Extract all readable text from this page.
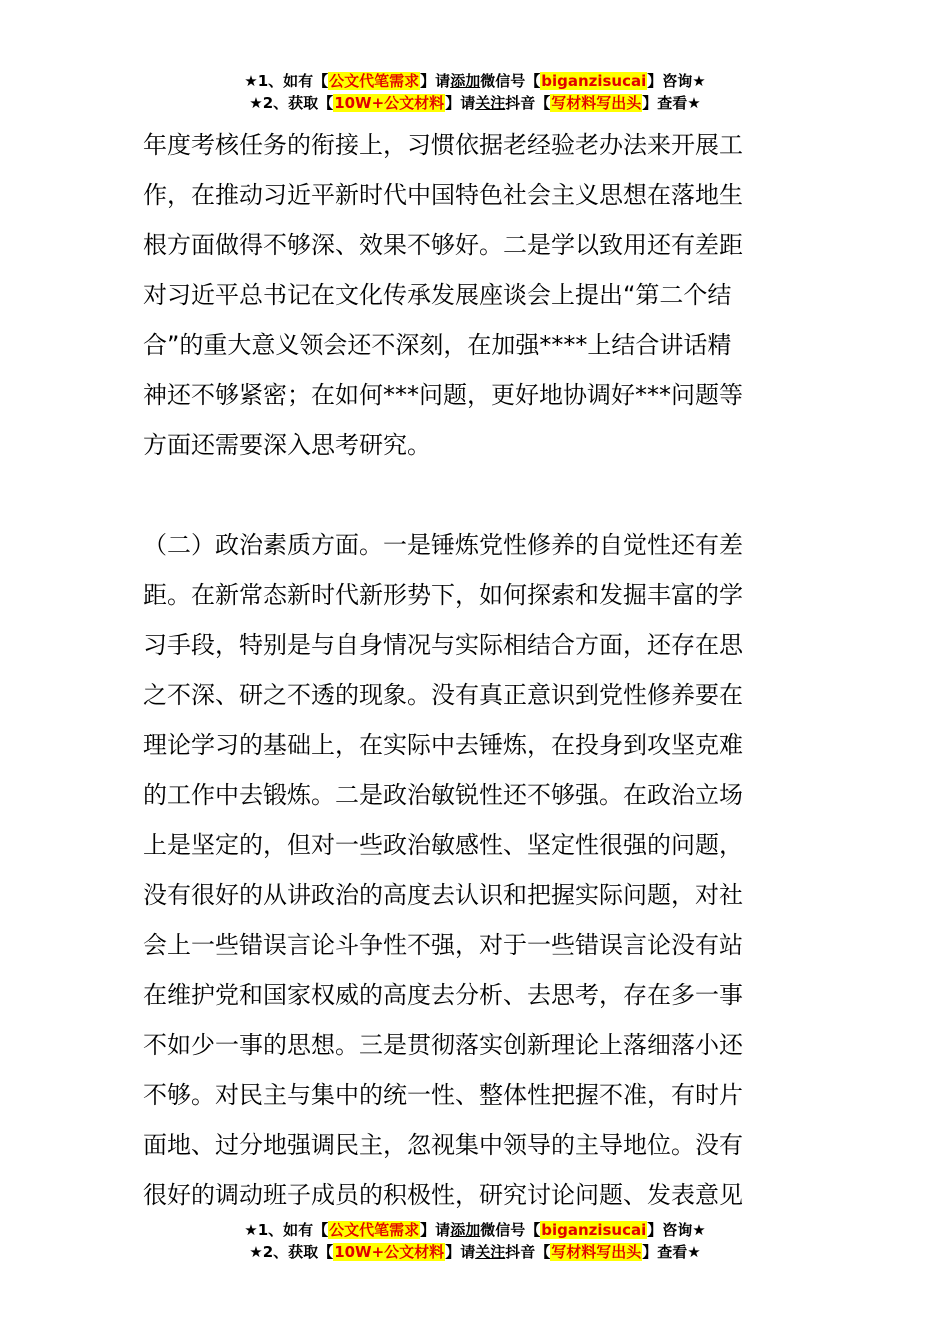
★1、如有【公文代笔需求】请添加微信号【biganzisucai】咨询★
★2、获取【10W+公文材料】请关注抖音【写材料写出头】查看★
年度考核任务的衔接上，习惯依据老经验老办法来开展工
作，在推动习近平新时代中国特色社会主义思想在落地生
根方面做得不够深、效果不够好。二是学以致用还有差距
对习近平总书记在文化传承发展座谈会上提出“第二个结
合”的重大意义领会还不深刻，在加强****上结合讲话精
神还不够紧密；在如何***问题，更好地协调好***问题等
方面还需要深入思考研究。
（二）政治素质方面。一是锤炼党性修养的自觉性还有差
距。在新常态新时代新形势下，如何探索和发掘丰富的学
习手段，特别是与自身情况与实际相结合方面，还存在思
之不深、研之不透的现象。没有真正意识到党性修养要在
理论学习的基础上，在实际中去锤炼，在投身到攻坚克难
的工作中去锻炼。二是政治敏锐性还不够强。在政治立场
上是坚定的，但对一些政治敏感性、坚定性很强的问题，
没有很好的从讲政治的高度去认识和把握实际问题，对社
会上一些错误言论斗争性不强，对于一些错误言论没有站
在维护党和国家权威的高度去分析、去思考，存在多一事
不如少一事的思想。三是贯彻落实创新理论上落细落小还
不够。对民主与集中的统一性、整体性把握不准，有时片
面地、过分地强调民主，忽视集中领导的主导地位。没有
很好的调动班子成员的积极性，研究讨论问题、发表意见
★1、如有【公文代笔需求】请添加微信号【biganzisucai】咨询★
★2、获取【10W+公文材料】请关注抖音【写材料写出头】查看★
